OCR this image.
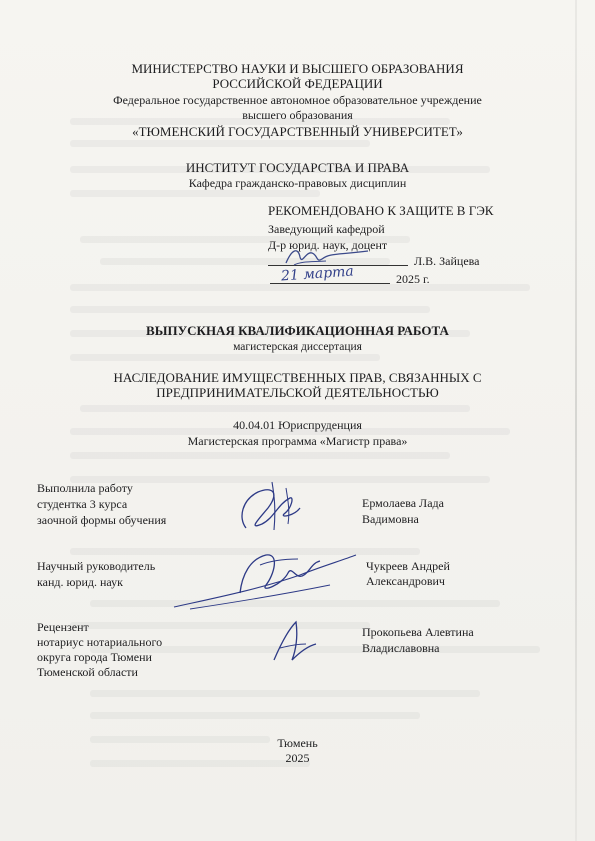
МИНИСТЕРСТВО НАУКИ И ВЫСШЕГО ОБРАЗОВАНИЯ
РОССИЙСКОЙ ФЕДЕРАЦИИ
Федеральное государственное автономное образовательное учреждение
высшего образования
«ТЮМЕНСКИЙ ГОСУДАРСТВЕННЫЙ УНИВЕРСИТЕТ»
ИНСТИТУТ ГОСУДАРСТВА И ПРАВА
Кафедра гражданско-правовых дисциплин
РЕКОМЕНДОВАНО К ЗАЩИТЕ В ГЭК
Заведующий кафедрой
Д-р юрид. наук, доцент
Л.В. Зайцева
21 марта	2025 г.
ВЫПУСКНАЯ КВАЛИФИКАЦИОННАЯ РАБОТА
магистерская диссертация
НАСЛЕДОВАНИЕ ИМУЩЕСТВЕННЫХ ПРАВ, СВЯЗАННЫХ С
ПРЕДПРИНИМАТЕЛЬСКОЙ ДЕЯТЕЛЬНОСТЬЮ
40.04.01 Юриспруденция
Магистерская программа «Магистр права»
Выполнила работу
студентка 3 курса
заочной формы обучения
Ермолаева Лада
Вадимовна
Научный руководитель
канд. юрид. наук
Чукреев Андрей
Александрович
Рецензент
нотариус нотариального
округа города Тюмени
Тюменской области
Прокопьева Алевтина
Владиславовна
Тюмень
2025
